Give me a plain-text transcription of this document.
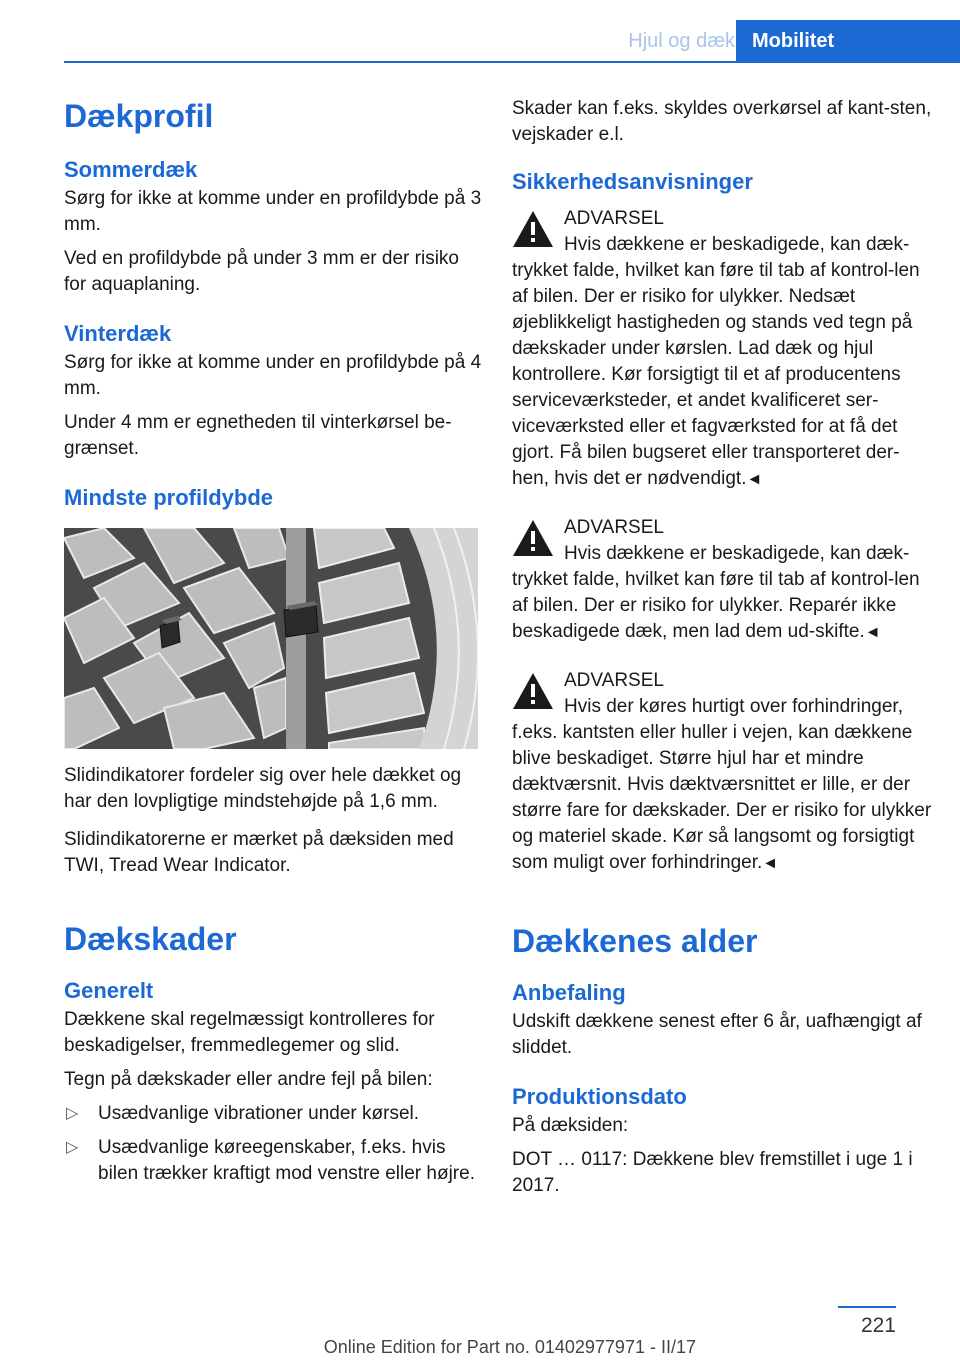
Hjul og dæk Mobilitet
Dækprofil
Sommerdæk

Sørg for ikke at komme under en profildybde på 3 mm.

Ved en profildybde på under 3 mm er der risiko for aquaplaning.

Vinterdæk

Sørg for ikke at komme under en profildybde på 4 mm.

Under 4 mm er egnetheden til vinterkørsel be‐grænset.

Mindste profildybde

Slidindikatorer fordeler sig over hele dækket og har den lovpligtige mindstehøjde på 1,6 mm.

Slidindikatorerne er mærket på dæksiden med TWI, Tread Wear Indicator.

Dækskader
Generelt

Dækkene skal regelmæssigt kontrolleres for beskadigelser, fremmedlegemer og slid.

Tegn på dækskader eller andre fejl på bilen:

▷ Usædvanlige vibrationer under kørsel.
▷ Usædvanlige køreegenskaber, f.eks. hvis bilen trækker kraftigt mod venstre eller højre.

Skader kan f.eks. skyldes overkørsel af kant‐sten, vejskader e.l.

Sikkerhedsanvisninger
ADVARSEL

Hvis dækkene er beskadigede, kan dæk‐trykket falde, hvilket kan føre til tab af kontrol‐len af bilen. Der er risiko for ulykker. Nedsæt øjeblikkeligt hastigheden og stands ved tegn på dækskader under kørslen. Lad dæk og hjul kontrollere. Kør forsigtigt til et af producentens serviceværksteder, et andet kvalificeret ser‐viceværksted eller et fagværksted for at få det gjort. Få bilen bugseret eller transporteret der‐hen, hvis det er nødvendigt.◄

ADVARSEL

Hvis dækkene er beskadigede, kan dæk‐trykket falde, hvilket kan føre til tab af kontrol‐len af bilen. Der er risiko for ulykker. Reparér ikke beskadigede dæk, men lad dem ud‐skifte.◄

ADVARSEL

Hvis der køres hurtigt over forhindringer, f.eks. kantsten eller huller i vejen, kan dækkene blive beskadiget. Større hjul har et mindre dæktværsnit. Hvis dæktværsnittet er lille, er der større fare for dækskader. Der er risiko for ulykker og materiel skade. Kør så langsomt og forsigtigt som muligt over forhindringer.◄

Dækkenes alder
Anbefaling

Udskift dækkene senest efter 6 år, uafhængigt af sliddet.

Produktionsdato

På dæksiden:

DOT … 0117: Dækkene blev fremstillet i uge 1 i 2017.

221
Online Edition for Part no. 01402977971 - II/17
